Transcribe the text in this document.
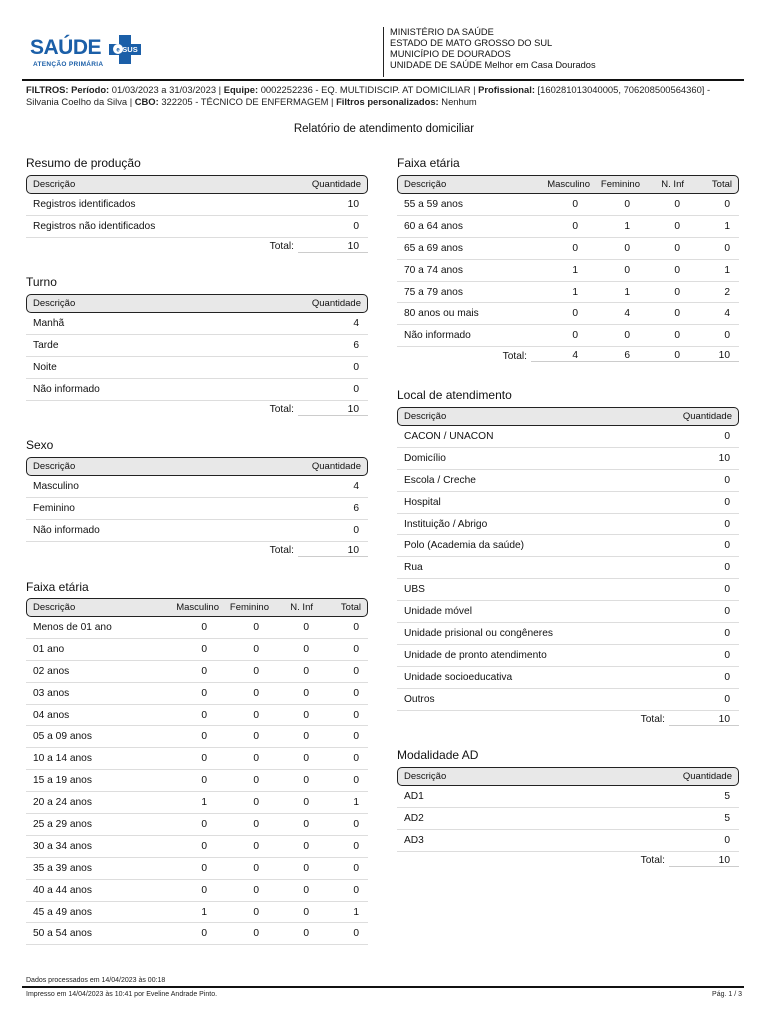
SAÚDE	e SUS
ATENÇÃO PRIMÁRIA
MINISTÉRIO DA SAÚDE
ESTADO DE MATO GROSSO DO SUL
MUNICÍPIO DE DOURADOS
UNIDADE DE SAÚDE Melhor em Casa Dourados
FILTROS: Período: 01/03/2023 a 31/03/2023 | Equipe: 0002252236 - EQ. MULTIDISCIP. AT DOMICILIAR | Profissional: [160281013040005, 706208500564360] - Silvania Coelho da Silva | CBO: 322205 - TÉCNICO DE ENFERMAGEM | Filtros personalizados: Nenhum
Relatório de atendimento domiciliar
Resumo de produção
Descrição	Quantidade
Registros identificados	10
Registros não identificados	0
Total:	10
Turno
Descrição	Quantidade
Manhã	4
Tarde	6
Noite	0
Não informado	0
Total:	10
Sexo
Descrição	Quantidade
Masculino	4
Feminino	6
Não informado	0
Total:	10
Faixa etária
Descrição	Masculino	Feminino	N. Inf	Total
Menos de 01 ano	0	0	0	0
01 ano	0	0	0	0
02 anos	0	0	0	0
03 anos	0	0	0	0
04 anos	0	0	0	0
05 a 09 anos	0	0	0	0
10 a 14 anos	0	0	0	0
15 a 19 anos	0	0	0	0
20 a 24 anos	1	0	0	1
25 a 29 anos	0	0	0	0
30 a 34 anos	0	0	0	0
35 a 39 anos	0	0	0	0
40 a 44 anos	0	0	0	0
45 a 49 anos	1	0	0	1
50 a 54 anos	0	0	0	0
Faixa etária
Descrição	Masculino	Feminino	N. Inf	Total
55 a 59 anos	0	0	0	0
60 a 64 anos	0	1	0	1
65 a 69 anos	0	0	0	0
70 a 74 anos	1	0	0	1
75 a 79 anos	1	1	0	2
80 anos ou mais	0	4	0	4
Não informado	0	0	0	0
Total:	4	6	0	10
Local de atendimento
Descrição	Quantidade
CACON / UNACON	0
Domicílio	10
Escola / Creche	0
Hospital	0
Instituição / Abrigo	0
Polo (Academia da saúde)	0
Rua	0
UBS	0
Unidade móvel	0
Unidade prisional ou congêneres	0
Unidade de pronto atendimento	0
Unidade socioeducativa	0
Outros	0
Total:	10
Modalidade AD
Descrição	Quantidade
AD1	5
AD2	5
AD3	0
Total:	10
Dados processados em 14/04/2023 às 00:18
Impresso em 14/04/2023 às 10:41 por Eveline Andrade Pinto.	Pág. 1 / 3
